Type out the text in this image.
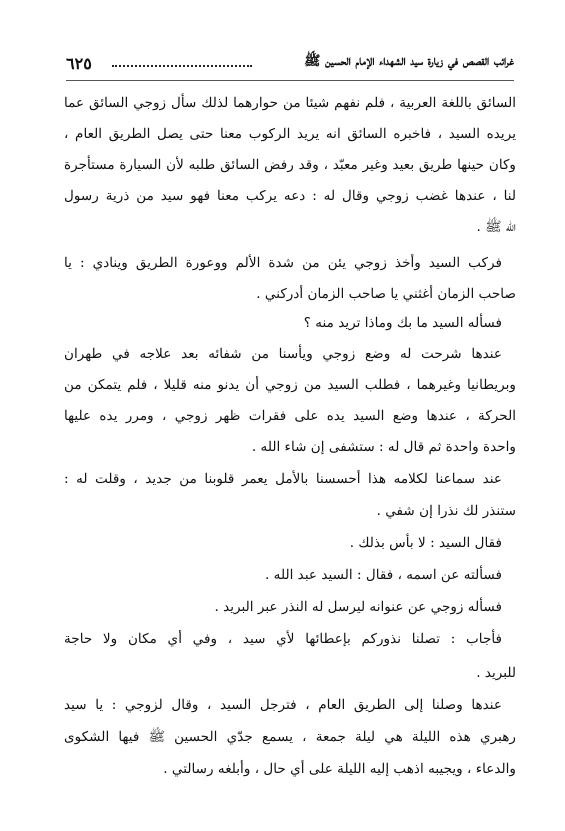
٦٢٥	غرائب القصص في زيارة سيد الشهداء الإمام الحسين ﷺ
السائق باللغة العربية ، فلم نفهم شيئا من حوارهما لذلك سأل زوجي السائق عما
يريده السيد ، فاخبره السائق انه يريد الركوب معنا حتى يصل الطريق العام ،
وكان حينها طريق بعيد وغير معبّد ، وقد رفض السائق طلبه لأن السيارة مستأجرة
لنا ، عندها غضب زوجي وقال له : دعه يركب معنا فهو سيد من ذرية رسول
الله ﷺ .
فركب السيد وأخذ زوجي يئن من شدة الألم ووعورة الطريق وينادي : يا
صاحب الزمان أغثني يا صاحب الزمان أدركني .
فسأله السيد ما بك وماذا تريد منه ؟
عندها شرحت له وضع زوجي ويأسنا من شفائه بعد علاجه في طهران
وبريطانيا وغيرهما ، فطلب السيد من زوجي أن يدنو منه قليلا ، فلم يتمكن من
الحركة ، عندها وضع السيد يده على فقرات ظهر زوجي ، ومرر يده عليها
واحدة واحدة ثم قال له : ستشفى إن شاء الله .
عند سماعنا لكلامه هذا أحسسنا بالأمل يعمر قلوبنا من جديد ، وقلت له :
ستنذر لك نذرا إن شفي .
فقال السيد : لا بأس بذلك .
فسألته عن اسمه ، فقال : السيد عبد الله .
فسأله زوجي عن عنوانه ليرسل له النذر عبر البريد .
فأجاب : تصلنا نذوركم بإعطائها لأي سيد ، وفي أي مكان ولا حاجة
للبريد .
عندها وصلنا إلى الطريق العام ، فترجل السيد ، وقال لزوجي : يا سيد
رهبري هذه الليلة هي ليلة جمعة ، يسمع جدّي الحسين ﷺ فيها الشكوى
والدعاء ، ويجيبه اذهب إليه الليلة على أي حال ، وأبلغه رسالتي .
